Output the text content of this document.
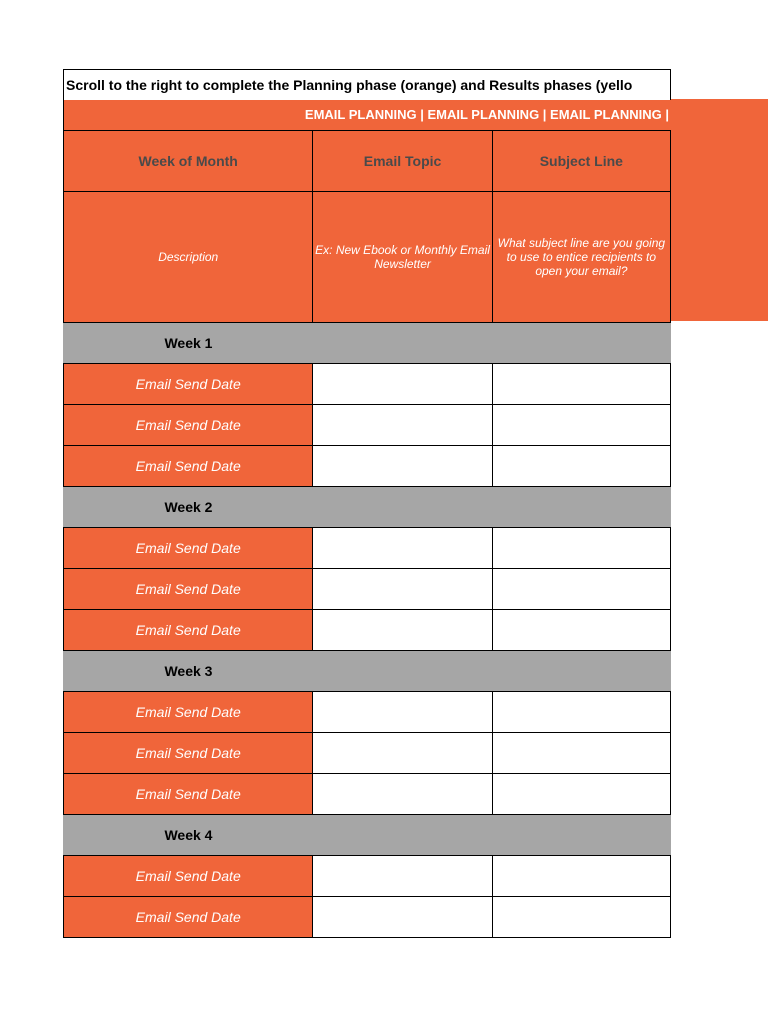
Scroll to the right to complete the Planning phase (orange) and Results phases (yello
EMAIL PLANNING | EMAIL PLANNING | EMAIL PLANNING |
Week of Month	Email Topic	Subject Line
Description	Ex: New Ebook or Monthly Email Newsletter	What subject line are you going to use to entice recipients to open your email?
Week 1		
Email Send Date		
Email Send Date		
Email Send Date		
Week 2		
Email Send Date		
Email Send Date		
Email Send Date		
Week 3		
Email Send Date		
Email Send Date		
Email Send Date		
Week 4		
Email Send Date		
Email Send Date		
